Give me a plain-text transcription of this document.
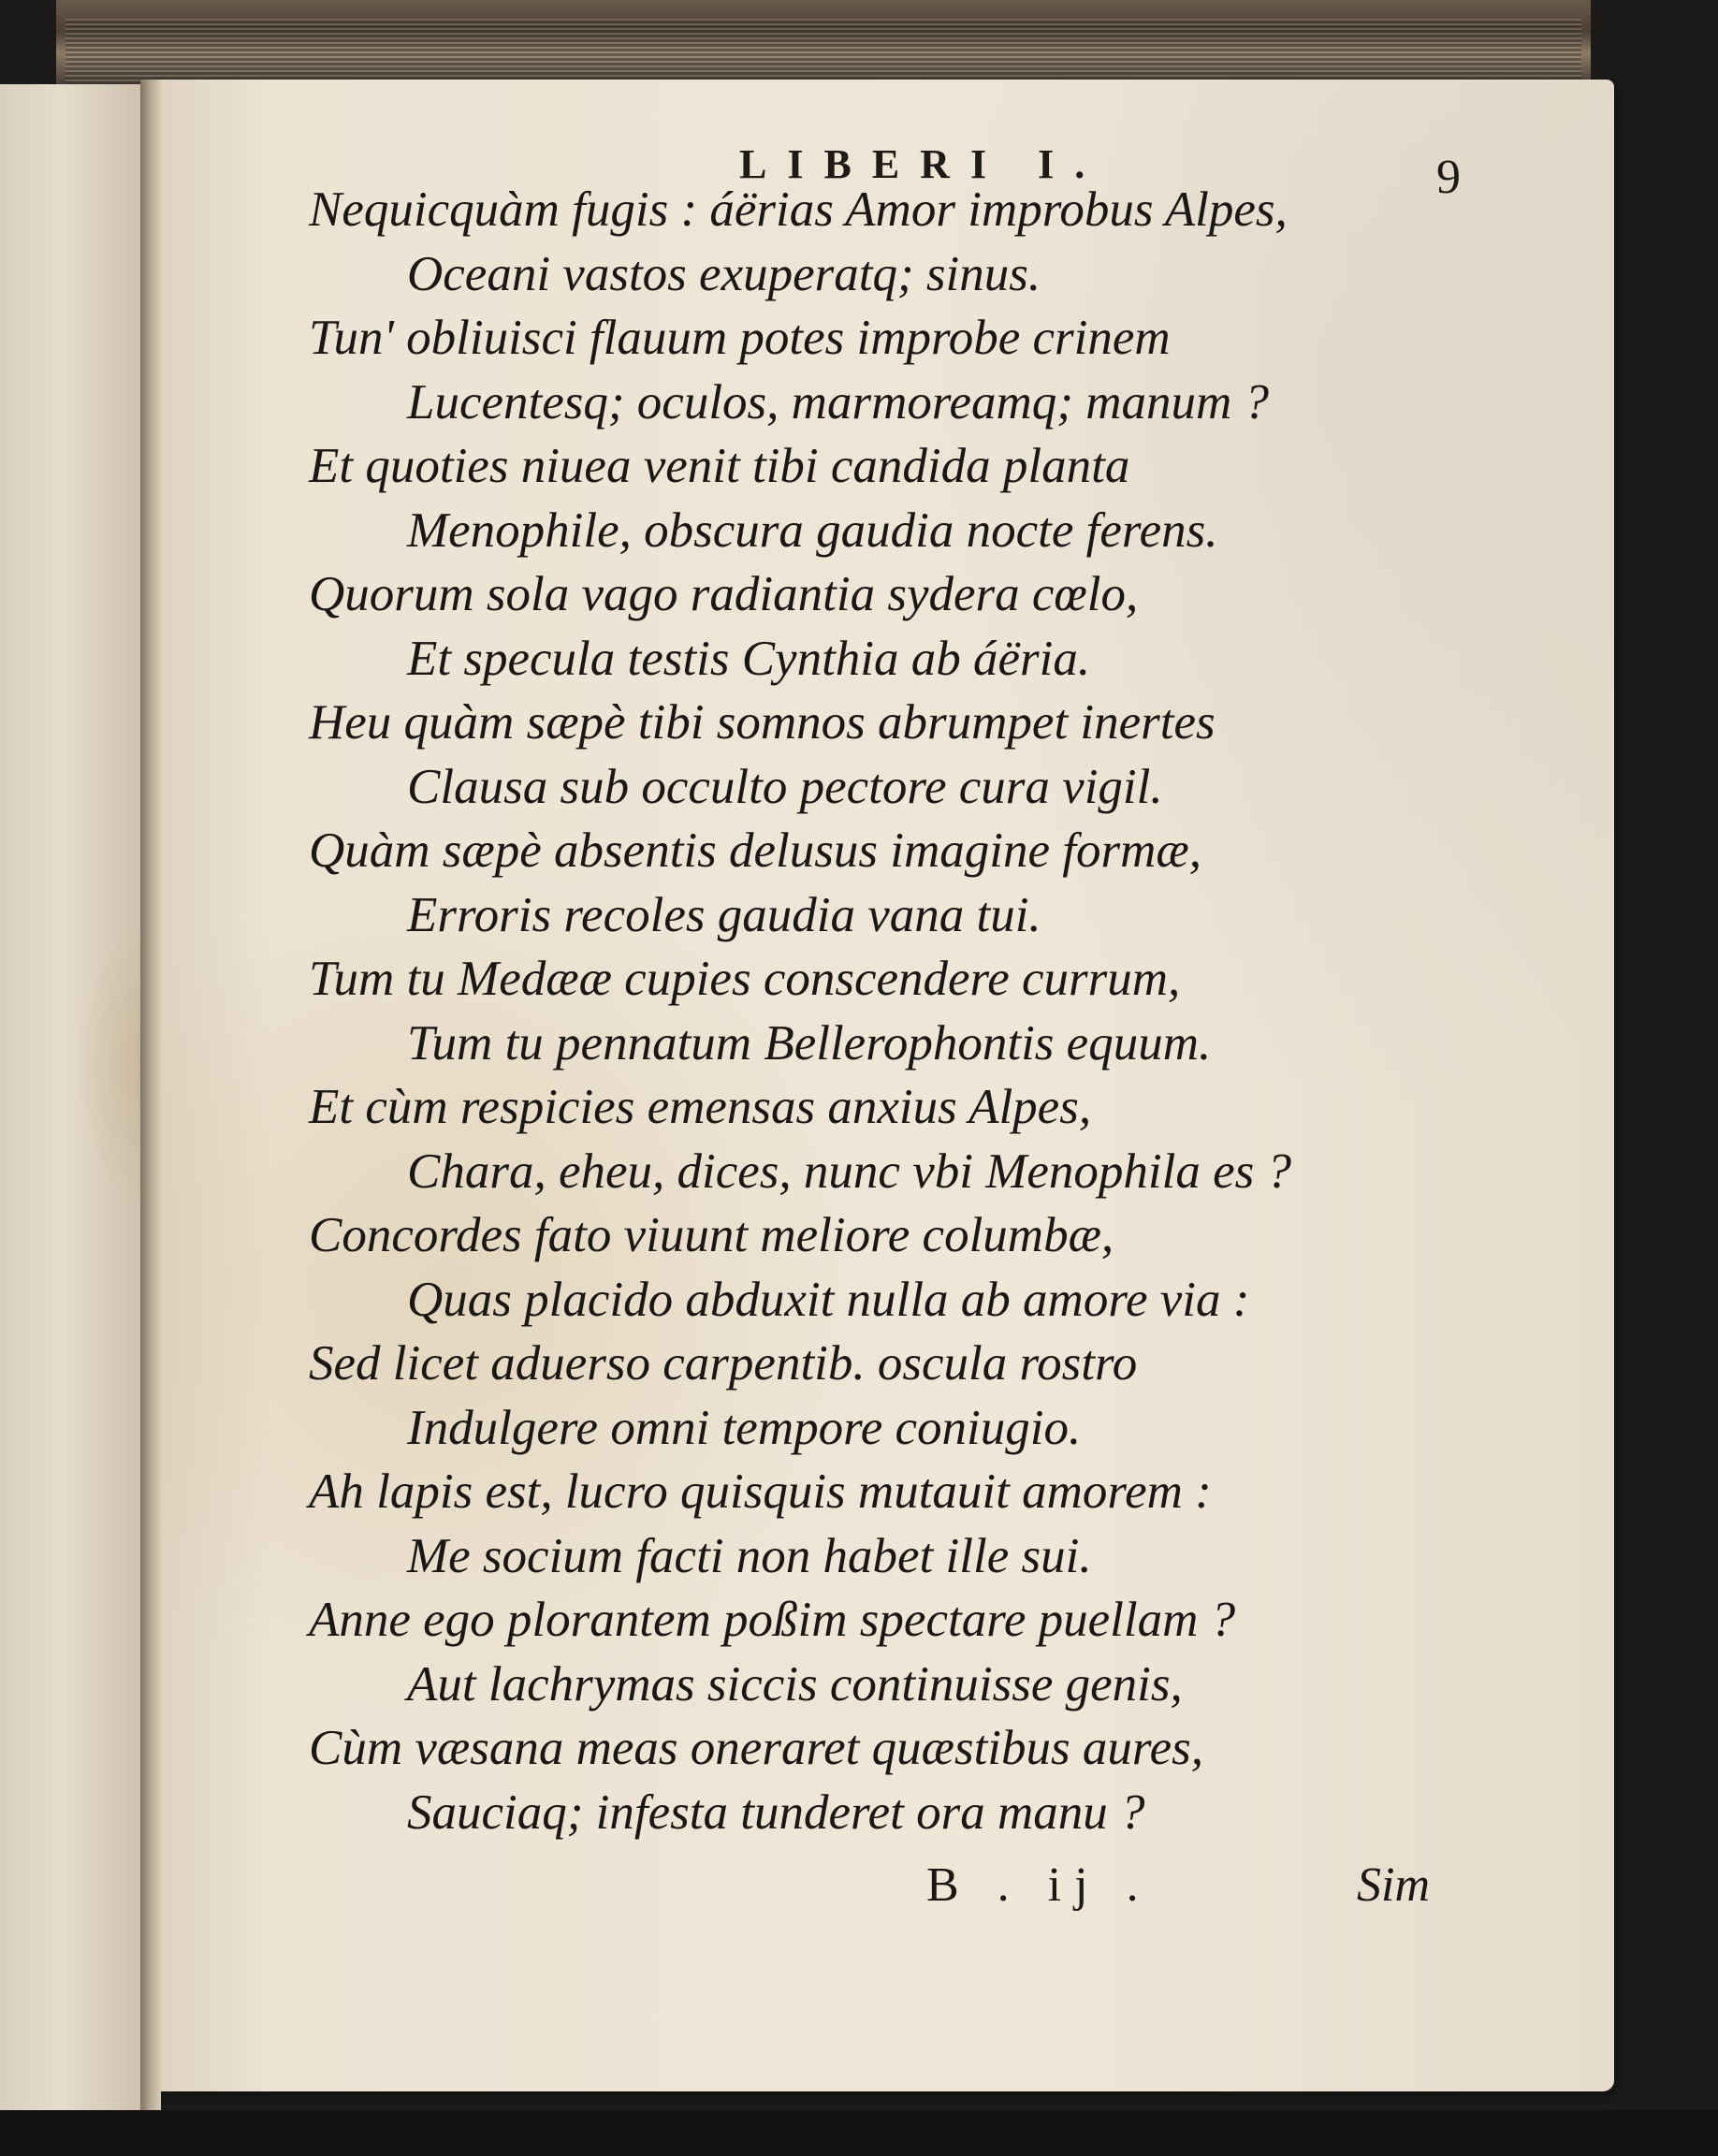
LIBERI I.	9
Nequicquàm fugis : áërias Amor improbus Alpes,
Oceani vastos exuperatq; sinus.
Tun' obliuisci flauum potes improbe crinem
Lucentesq; oculos, marmoreamq; manum ?
Et quoties niuea venit tibi candida planta
Menophile, obscura gaudia nocte ferens.
Quorum sola vago radiantia sydera cœlo,
Et specula testis Cynthia ab áëria.
Heu quàm sæpè tibi somnos abrumpet inertes
Clausa sub occulto pectore cura vigil.
Quàm sæpè absentis delusus imagine formæ,
Erroris recoles gaudia vana tui.
Tum tu Medææ cupies conscendere currum,
Tum tu pennatum Bellerophontis equum.
Et cùm respicies emensas anxius Alpes,
Chara, eheu, dices, nunc vbi Menophila es ?
Concordes fato viuunt meliore columbæ,
Quas placido abduxit nulla ab amore via :
Sed licet aduerso carpentib. oscula rostro
Indulgere omni tempore coniugio.
Ah lapis est, lucro quisquis mutauit amorem :
Me socium facti non habet ille sui.
Anne ego plorantem poßim spectare puellam ?
Aut lachrymas siccis continuisse genis,
Cùm væsana meas oneraret quæstibus aures,
Sauciaq; infesta tunderet ora manu ?
B . ij .	Sim
